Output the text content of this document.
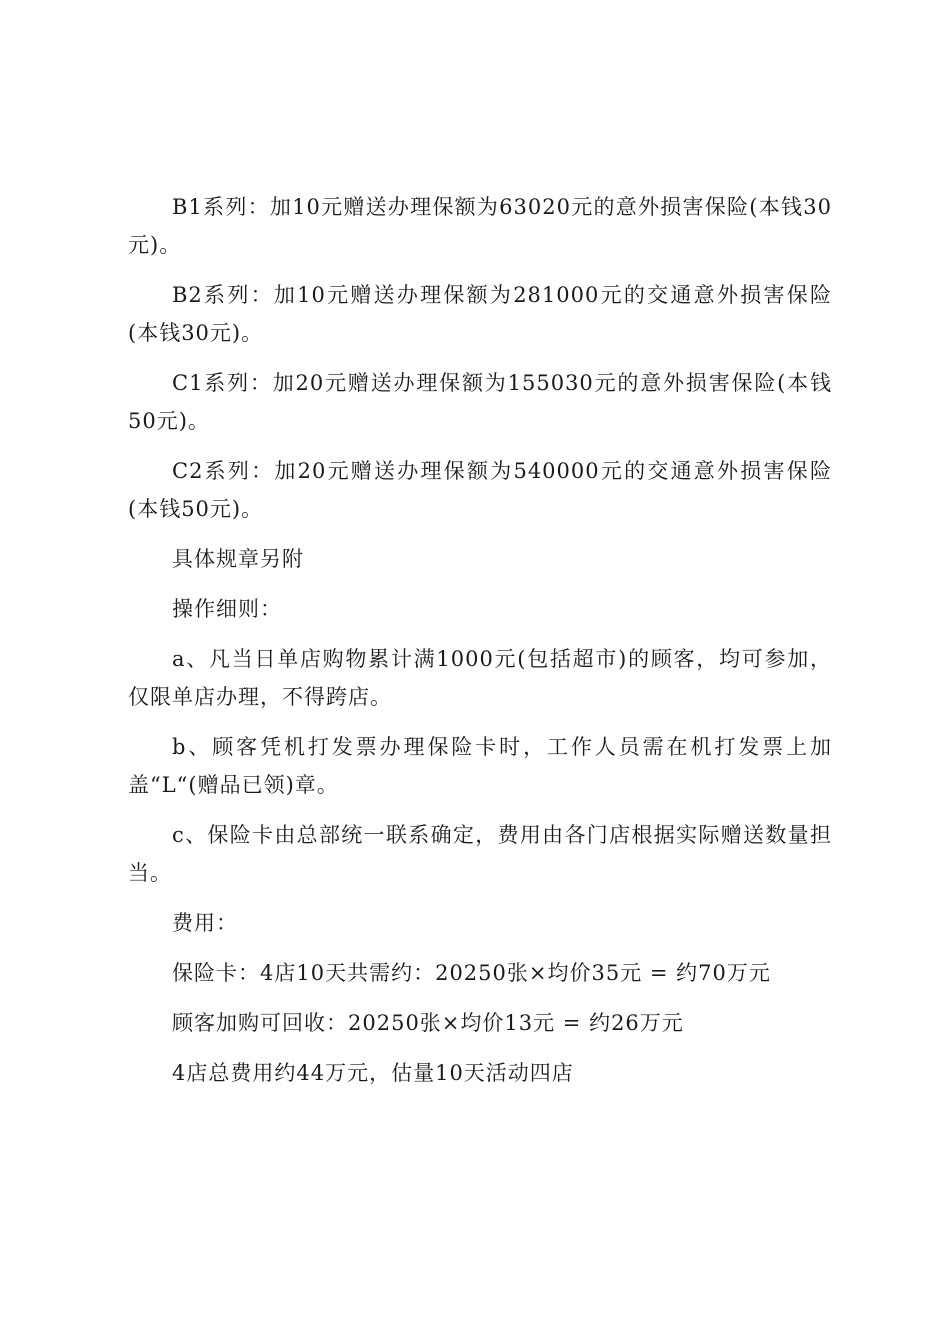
B1系列：加10元赠送办理保额为63020元的意外损害保险(本钱30元)。

B2系列：加10元赠送办理保额为281000元的交通意外损害保险(本钱30元)。

C1系列：加20元赠送办理保额为155030元的意外损害保险(本钱50元)。

C2系列：加20元赠送办理保额为540000元的交通意外损害保险(本钱50元)。

具体规章另附

操作细则：

a、凡当日单店购物累计满1000元(包括超市)的顾客，均可参加，仅限单店办理，不得跨店。

b、顾客凭机打发票办理保险卡时，工作人员需在机打发票上加盖“L“(赠品已领)章。

c、保险卡由总部统一联系确定，费用由各门店根据实际赠送数量担当。

费用：

保险卡：4店10天共需约：20250张×均价35元 = 约70万元

顾客加购可回收：20250张×均价13元 = 约26万元

4店总费用约44万元，估量10天活动四店
